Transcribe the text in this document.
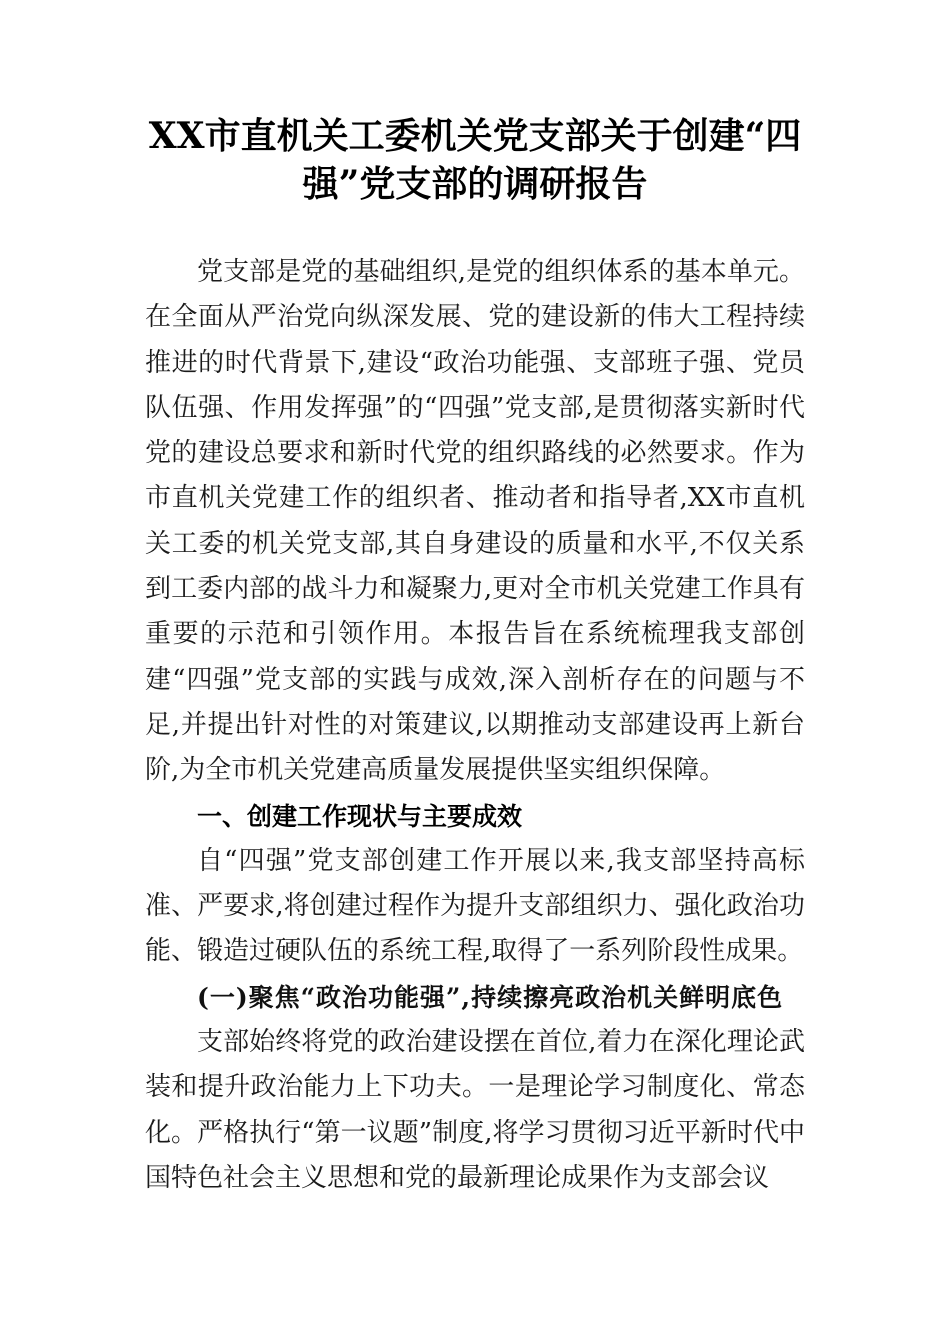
XX市直机关工委机关党支部关于创建“四强”党支部的调研报告

党支部是党的基础组织,是党的组织体系的基本单元。在全面从严治党向纵深发展、党的建设新的伟大工程持续推进的时代背景下,建设“政治功能强、支部班子强、党员队伍强、作用发挥强”的“四强”党支部,是贯彻落实新时代党的建设总要求和新时代党的组织路线的必然要求。作为市直机关党建工作的组织者、推动者和指导者,XX市直机关工委的机关党支部,其自身建设的质量和水平,不仅关系到工委内部的战斗力和凝聚力,更对全市机关党建工作具有重要的示范和引领作用。本报告旨在系统梳理我支部创建“四强”党支部的实践与成效,深入剖析存在的问题与不足,并提出针对性的对策建议,以期推动支部建设再上新台阶,为全市机关党建高质量发展提供坚实组织保障。

一、创建工作现状与主要成效

自“四强”党支部创建工作开展以来,我支部坚持高标准、严要求,将创建过程作为提升支部组织力、强化政治功能、锻造过硬队伍的系统工程,取得了一系列阶段性成果。

(一)聚焦“政治功能强”,持续擦亮政治机关鲜明底色

支部始终将党的政治建设摆在首位,着力在深化理论武装和提升政治能力上下功夫。一是理论学习制度化、常态化。严格执行“第一议题”制度,将学习贯彻习近平新时代中国特色社会主义思想和党的最新理论成果作为支部会议
